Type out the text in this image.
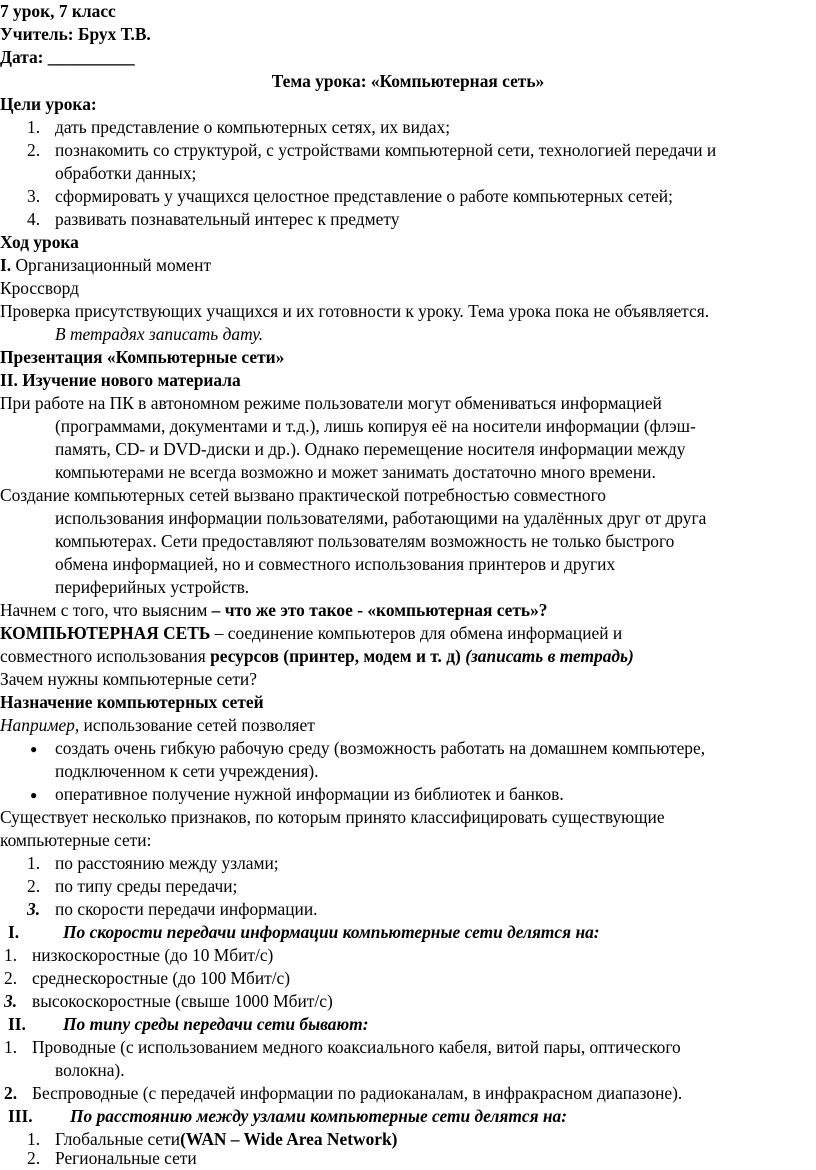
7 урок, 7 класс
Учитель: Брух Т.В.
Дата: __________
Тема урока: «Компьютерная сеть»
Цели урока:
1. дать представление о компьютерных сетях, их видах;
2. познакомить со структурой, с устройствами компьютерной сети, технологией передачи и
обработки данных;
3. сформировать у учащихся целостное представление о работе компьютерных сетей;
4. развивать познавательный интерес к предмету
Ход урока
I. Организационный момент
Кроссворд
Проверка присутствующих учащихся и их готовности к уроку. Тема урока пока не объявляется.
В тетрадях записать дату.
Презентация «Компьютерные сети»
II. Изучение нового материала
При работе на ПК в автономном режиме пользователи могут обмениваться информацией
(программами, документами и т.д.), лишь копируя её на носители информации (флэш-
память, CD- и DVD-диски и др.). Однако перемещение носителя информации между
компьютерами не всегда возможно и может занимать достаточно много времени.
Создание компьютерных сетей вызвано практической потребностью совместного
использования информации пользователями, работающими на удалённых друг от друга
компьютерах. Сети предоставляют пользователям возможность не только быстрого
обмена информацией, но и совместного использования принтеров и других
периферийных устройств.
Начнем с того, что выясним – что же это такое - «компьютерная сеть»?
КОМПЬЮТЕРНАЯ СЕТЬ – соединение компьютеров для обмена информацией и
совместного использования ресурсов (принтер, модем и т. д) (записать в тетрадь)
Зачем нужны компьютерные сети?
Назначение компьютерных сетей
Например, использование сетей позволяет
● создать очень гибкую рабочую среду (возможность работать на домашнем компьютере,
подключенном к сети учреждения).
● оперативное получение нужной информации из библиотек и банков.
Существует несколько признаков, по которым принято классифицировать существующие
компьютерные сети:
1. по расстоянию между узлами;
2. по типу среды передачи;
3. по скорости передачи информации.
I.	По скорости передачи информации компьютерные сети делятся на:
1. низкоскоростные (до 10 Мбит/с)
2. среднескоростные (до 100 Мбит/с)
3. высокоскоростные (свыше 1000 Мбит/с)
II. По типу среды передачи сети бывают:
1. Проводные (с использованием медного коаксиального кабеля, витой пары, оптического
волокна).
2. Беспроводные (с передачей информации по радиоканалам, в инфракрасном диапазоне).
III. По расстоянию между узлами компьютерные сети делятся на:
1. Глобальные сети(WAN – Wide Area Network)
2. Региональные сети
